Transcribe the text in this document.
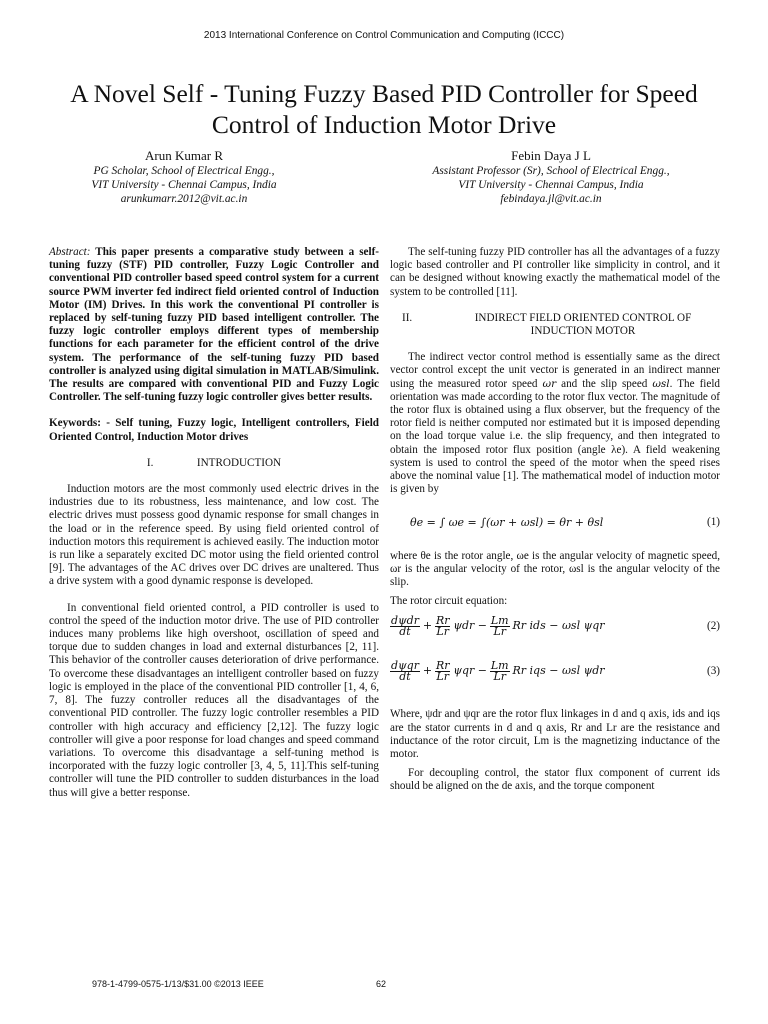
2013 International Conference on Control Communication and Computing (ICCC)
A Novel Self - Tuning Fuzzy Based PID Controller for Speed Control of Induction Motor Drive
Arun Kumar R
PG Scholar, School of Electrical Engg.,
VIT University - Chennai Campus, India
arunkumarr.2012@vit.ac.in
Febin Daya J L
Assistant Professor (Sr), School of Electrical Engg.,
VIT University - Chennai Campus, India
febindaya.jl@vit.ac.in

Abstract: This paper presents a comparative study between a self-tuning fuzzy (STF) PID controller, Fuzzy Logic Controller and conventional PID controller based speed control system for a current source PWM inverter fed indirect field oriented control of Induction Motor (IM) Drives. In this work the conventional PI controller is replaced by self-tuning fuzzy PID based intelligent controller. The fuzzy logic controller employs different types of membership functions for each parameter for the efficient control of the drive system. The performance of the self-tuning fuzzy PID based controller is analyzed using digital simulation in MATLAB/Simulink. The results are compared with conventional PID and Fuzzy Logic Controller. The self-tuning fuzzy logic controller gives better results.

Keywords: - Self tuning, Fuzzy logic, Intelligent controllers, Field Oriented Control, Induction Motor drives

I.	INTRODUCTION

Induction motors are the most commonly used electric drives in the industries due to its robustness, less maintenance, and low cost. The electric drives must possess good dynamic response for small changes in the load or in the reference speed. By using field oriented control of induction motors this requirement is achieved easily. The induction motor is run like a separately excited DC motor using the field oriented control [9]. The advantages of the AC drives over DC drives are unaltered. Thus a drive system with a good dynamic response is developed.

In conventional field oriented control, a PID controller is used to control the speed of the induction motor drive. The use of PID controller induces many problems like high overshoot, oscillation of speed and torque due to sudden changes in load and external disturbances [2, 11]. This behavior of the controller causes deterioration of drive performance. To overcome these disadvantages an intelligent controller based on fuzzy logic is employed in the place of the conventional PID controller [1, 4, 6, 7, 8]. The fuzzy controller reduces all the disadvantages of the conventional PID controller. The fuzzy logic controller resembles a PID controller with high accuracy and efficiency [2,12]. The fuzzy logic controller will give a poor response for load changes and speed command variations. To overcome this disadvantage a self-tuning method is incorporated with the fuzzy logic controller [3, 4, 5, 11].This self-tuning controller will tune the PID controller to sudden disturbances in the load thus will give a better response.

The self-tuning fuzzy PID controller has all the advantages of a fuzzy logic based controller and PI controller like simplicity in control, and it can be designed without knowing exactly the mathematical model of the system to be controlled [11].

II.	INDIRECT FIELD ORIENTED CONTROL OF INDUCTION MOTOR

The indirect vector control method is essentially same as the direct vector control except the unit vector is generated in an indirect manner using the measured rotor speed ωr and the slip speed ωsl. The field orientation was made according to the rotor flux vector. The magnitude of the rotor flux is obtained using a flux observer, but the frequency of the rotor field is neither computed nor estimated but it is imposed depending on the load torque value i.e. the slip frequency, and then integrated to obtain the imposed rotor flux position (angle λe). A field weakening system is used to control the speed of the motor when the speed rises above the nominal value [1]. The mathematical model of induction motor is given by

θe = ∫ ωe = ∫(ωr + ωsl) = θr + θsl	(1)

where θe is the rotor angle, ωe is the angular velocity of magnetic speed, ωr is the angular velocity of the rotor, ωsl is the angular velocity of the slip.

The rotor circuit equation:

$\frac{\text{dψdr}}{dt} + \frac{Rr}{Lr}$ $\psi dr - \frac{Lm}{Lr}$ Rr ids − ωsl ψqr	(2)
$\frac{\text{dψqr}}{dt} + \frac{Rr}{Lr}$ $\psi qr - \frac{Lm}{Lr}$ Rr iqs − ωsl ψdr	(3)

Where, ψdr and ψqr are the rotor flux linkages in d and q axis, ids and iqs are the stator currents in d and q axis, Rr and Lr are the resistance and inductance of the rotor circuit, Lm is the magnetizing inductance of the motor.

For decoupling control, the stator flux component of current ids should be aligned on the de axis, and the torque component

978-1-4799-0575-1/13/$31.00 ©2013 IEEE	62
